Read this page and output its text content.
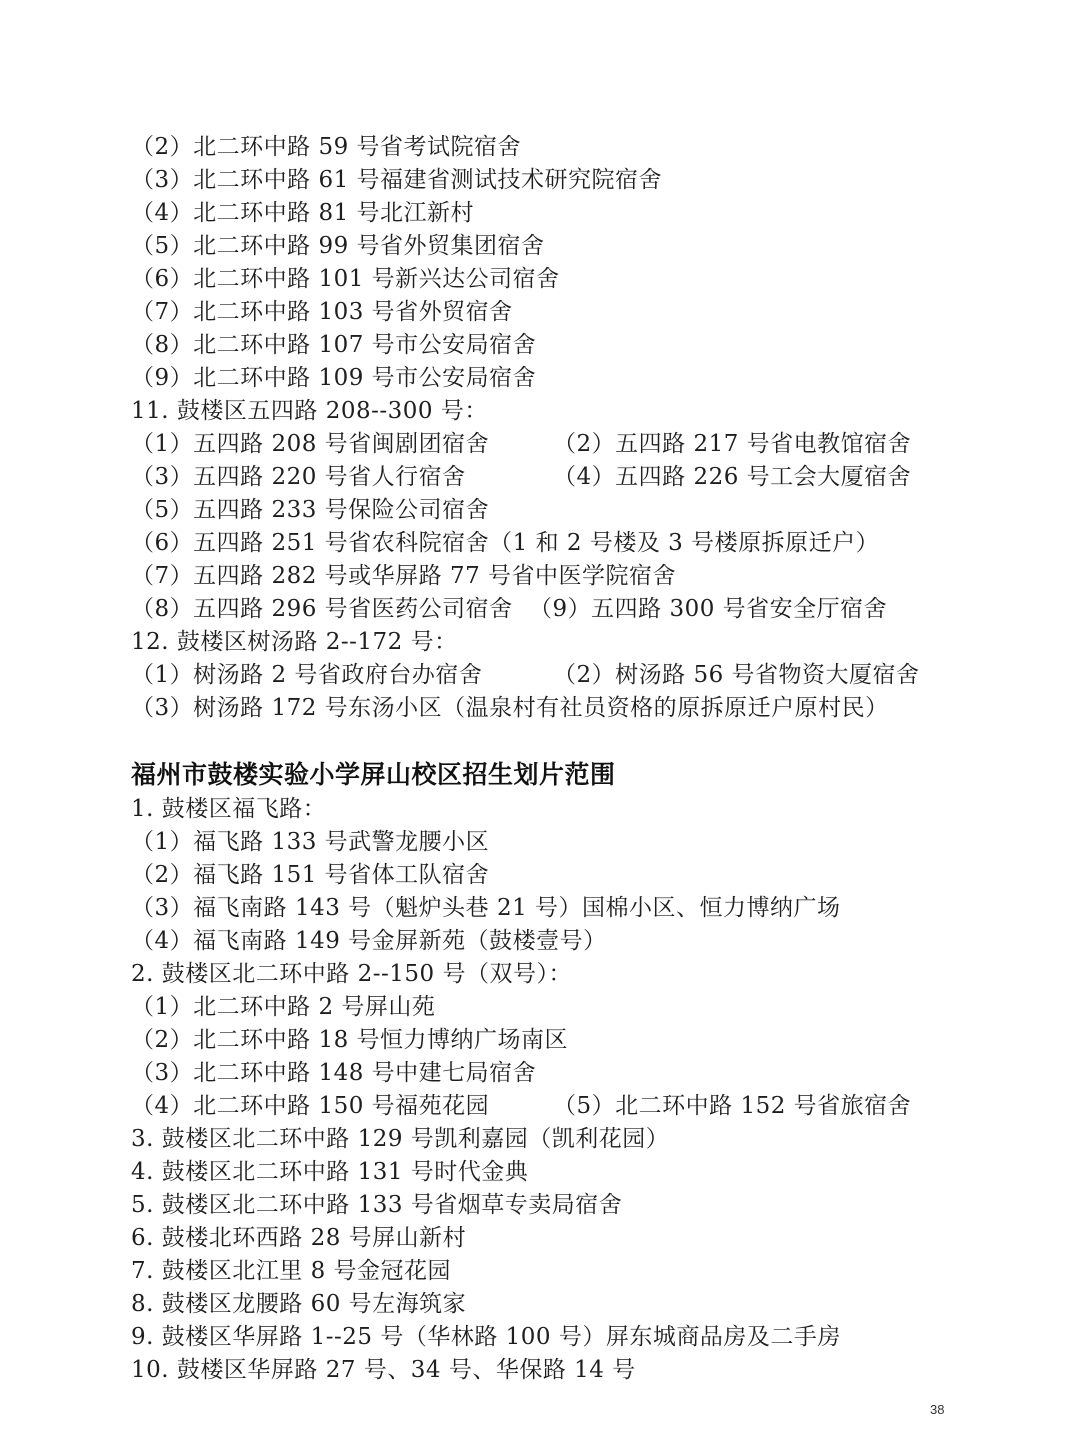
（2）北二环中路 59 号省考试院宿舍
（3）北二环中路 61 号福建省测试技术研究院宿舍
（4）北二环中路 81 号北江新村
（5）北二环中路 99 号省外贸集团宿舍
（6）北二环中路 101 号新兴达公司宿舍
（7）北二环中路 103 号省外贸宿舍
（8）北二环中路 107 号市公安局宿舍
（9）北二环中路 109 号市公安局宿舍
11. 鼓楼区五四路 208--300 号：
（1）五四路 208 号省闽剧团宿舍	（2）五四路 217 号省电教馆宿舍
（3）五四路 220 号省人行宿舍	（4）五四路 226 号工会大厦宿舍
（5）五四路 233 号保险公司宿舍
（6）五四路 251 号省农科院宿舍（1 和 2 号楼及 3 号楼原拆原迁户）
（7）五四路 282 号或华屏路 77 号省中医学院宿舍
（8）五四路 296 号省医药公司宿舍 （9）五四路 300 号省安全厅宿舍
12. 鼓楼区树汤路 2--172 号：
（1）树汤路 2 号省政府台办宿舍	（2）树汤路 56 号省物资大厦宿舍
（3）树汤路 172 号东汤小区（温泉村有社员资格的原拆原迁户原村民）
福州市鼓楼实验小学屏山校区招生划片范围
1. 鼓楼区福飞路：
（1）福飞路 133 号武警龙腰小区
（2）福飞路 151 号省体工队宿舍
（3）福飞南路 143 号（魁炉头巷 21 号）国棉小区、恒力博纳广场
（4）福飞南路 149 号金屏新苑（鼓楼壹号）
2. 鼓楼区北二环中路 2--150 号（双号）：
（1）北二环中路 2 号屏山苑
（2）北二环中路 18 号恒力博纳广场南区
（3）北二环中路 148 号中建七局宿舍
（4）北二环中路 150 号福苑花园	（5）北二环中路 152 号省旅宿舍
3. 鼓楼区北二环中路 129 号凯利嘉园（凯利花园）
4. 鼓楼区北二环中路 131 号时代金典
5. 鼓楼区北二环中路 133 号省烟草专卖局宿舍
6. 鼓楼北环西路 28 号屏山新村
7. 鼓楼区北江里 8 号金冠花园
8. 鼓楼区龙腰路 60 号左海筑家
9. 鼓楼区华屏路 1--25 号（华林路 100 号）屏东城商品房及二手房
10. 鼓楼区华屏路 27 号、34 号、华保路 14 号
38
